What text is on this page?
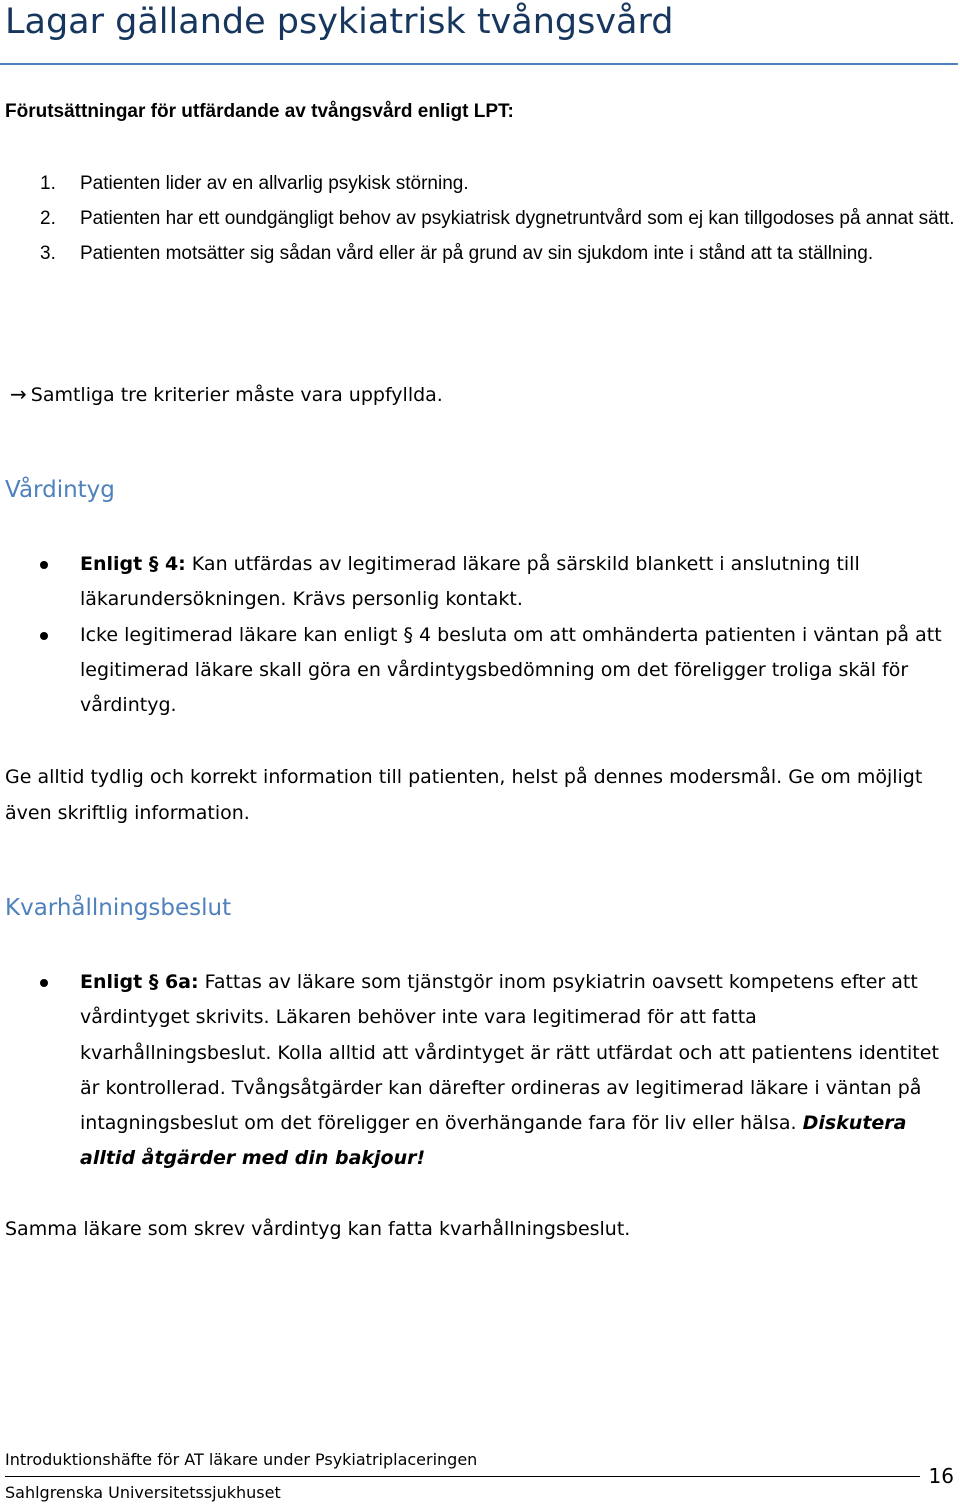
Lagar gällande psykiatrisk tvångsvård
Förutsättningar för utfärdande av tvångsvård enligt LPT:
1. Patienten lider av en allvarlig psykisk störning.
2. Patienten har ett oundgängligt behov av psykiatrisk dygnetruntvård som ej kan tillgodoses på annat sätt.
3. Patienten motsätter sig sådan vård eller är på grund av sin sjukdom inte i stånd att ta ställning.
→ Samtliga tre kriterier måste vara uppfyllda.
Vårdintyg
Enligt § 4: Kan utfärdas av legitimerad läkare på särskild blankett i anslutning till läkarundersökningen. Krävs personlig kontakt.
Icke legitimerad läkare kan enligt § 4 besluta om att omhänderta patienten i väntan på att legitimerad läkare skall göra en vårdintygsbedömning om det föreligger troliga skäl för vårdintyg.
Ge alltid tydlig och korrekt information till patienten, helst på dennes modersmål. Ge om möjligt även skriftlig information.
Kvarhållningsbeslut
Enligt § 6a: Fattas av läkare som tjänstgör inom psykiatrin oavsett kompetens efter att vårdintyget skrivits. Läkaren behöver inte vara legitimerad för att fatta kvarhållningsbeslut. Kolla alltid att vårdintyget är rätt utfärdat och att patientens identitet är kontrollerad. Tvångsåtgärder kan därefter ordineras av legitimerad läkare i väntan på intagningsbeslut om det föreligger en överhängande fara för liv eller hälsa. Diskutera alltid åtgärder med din bakjour!
Samma läkare som skrev vårdintyg kan fatta kvarhållningsbeslut.
Introduktionshäfte för AT läkare under Psykiatriplaceringen
Sahlgrenska Universitetssjukhuset
16
